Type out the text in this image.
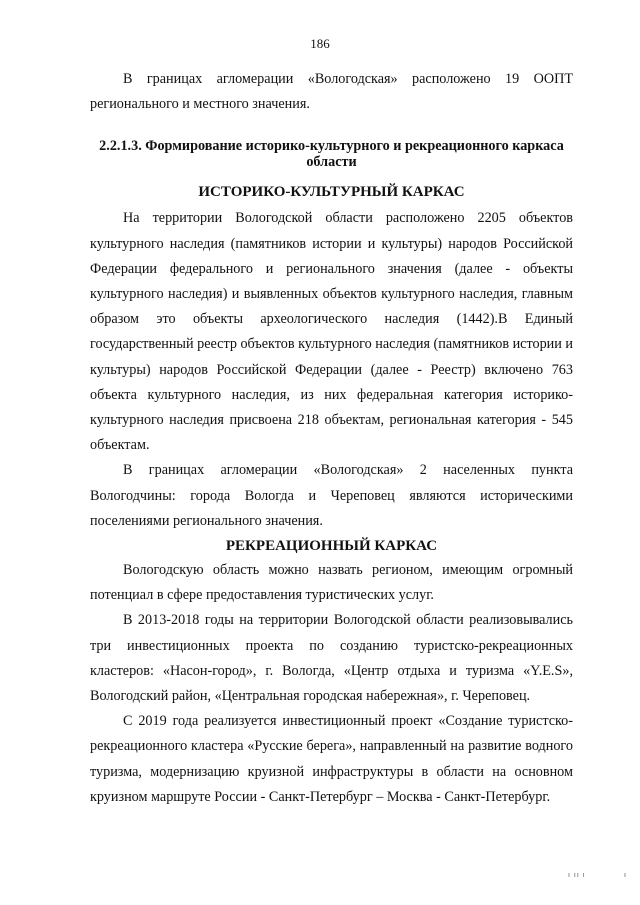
186

В границах агломерации «Вологодская» расположено 19 ООПТ регионального и местного значения.

2.2.1.3. Формирование историко-культурного и рекреационного каркаса
области
ИСТОРИКО-КУЛЬТУРНЫЙ КАРКАС

На территории Вологодской области расположено 2205 объектов культурного наследия (памятников истории и культуры) народов Российской Федерации федерального и регионального значения (далее - объекты культурного наследия) и выявленных объектов культурного наследия, главным образом это объекты археологического наследия (1442).В Единый государственный реестр объектов культурного наследия (памятников истории и культуры) народов Российской Федерации (далее - Реестр) включено 763 объекта культурного наследия, из них федеральная категория историко-культурного наследия присвоена 218 объектам, региональная категория - 545 объектам.

В границах агломерации «Вологодская» 2 населенных пункта Вологодчины: города Вологда и Череповец являются историческими поселениями регионального значения.

РЕКРЕАЦИОННЫЙ КАРКАС

Вологодскую область можно назвать регионом, имеющим огромный потенциал в сфере предоставления туристических услуг.

В 2013-2018 годы на территории Вологодской области реализовывались три инвестиционных проекта по созданию туристско-рекреационных кластеров: «Насон-город», г. Вологда, «Центр отдыха и туризма «Y.E.S», Вологодский район, «Центральная городская набережная», г. Череповец.

С 2019 года реализуется инвестиционный проект «Создание туристско-рекреационного кластера «Русские берега», направленный на развитие водного туризма, модернизацию круизной инфраструктуры в области на основном круизном маршруте России - Санкт-Петербург – Москва - Санкт-Петербург.

ı ıı ı	ı
